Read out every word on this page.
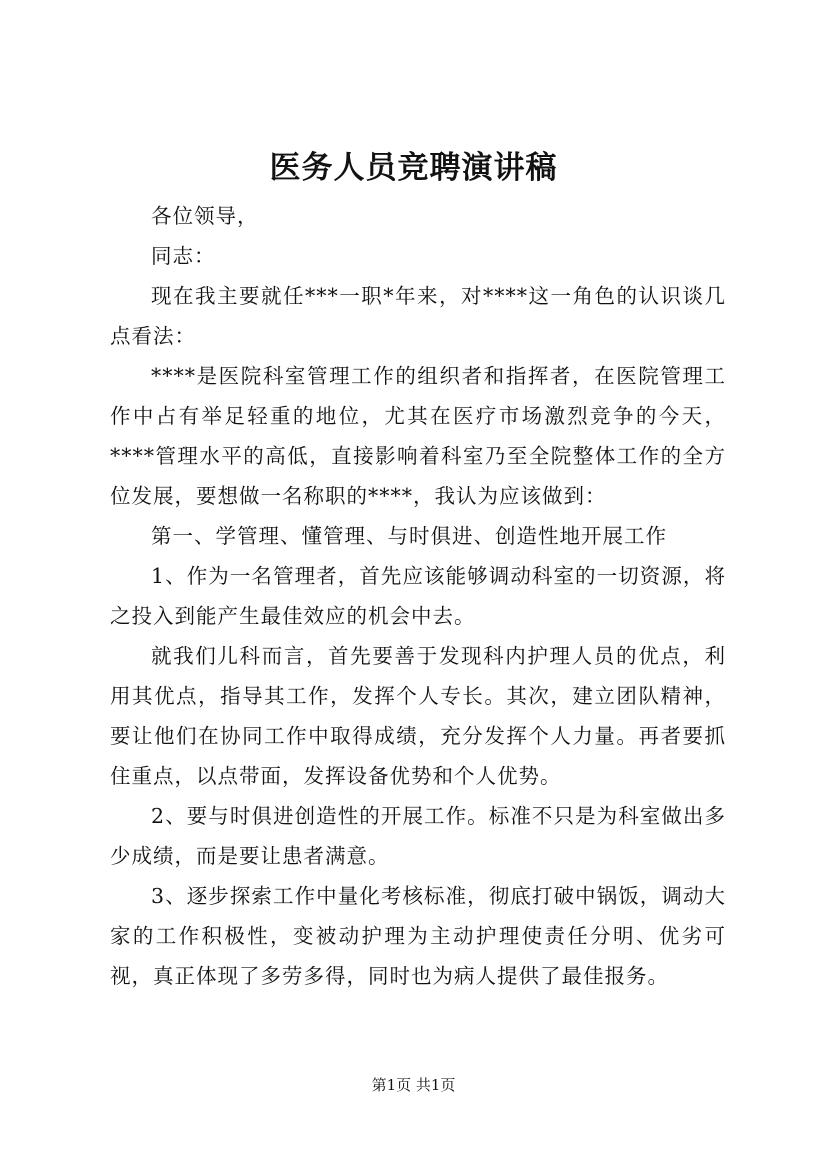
医务人员竞聘演讲稿

各位领导，

同志：

现在我主要就任***一职*年来，对****这一角色的认识谈几点看法：

****是医院科室管理工作的组织者和指挥者，在医院管理工作中占有举足轻重的地位，尤其在医疗市场激烈竞争的今天，****管理水平的高低，直接影响着科室乃至全院整体工作的全方位发展，要想做一名称职的****，我认为应该做到：

第一、学管理、懂管理、与时俱进、创造性地开展工作

1、作为一名管理者，首先应该能够调动科室的一切资源，将之投入到能产生最佳效应的机会中去。

就我们儿科而言，首先要善于发现科内护理人员的优点，利用其优点，指导其工作，发挥个人专长。其次，建立团队精神，要让他们在协同工作中取得成绩，充分发挥个人力量。再者要抓住重点，以点带面，发挥设备优势和个人优势。

2、要与时俱进创造性的开展工作。标准不只是为科室做出多少成绩，而是要让患者满意。

3、逐步探索工作中量化考核标准，彻底打破中锅饭，调动大家的工作积极性，变被动护理为主动护理使责任分明、优劣可视，真正体现了多劳多得，同时也为病人提供了最佳报务。

第1页 共1页
